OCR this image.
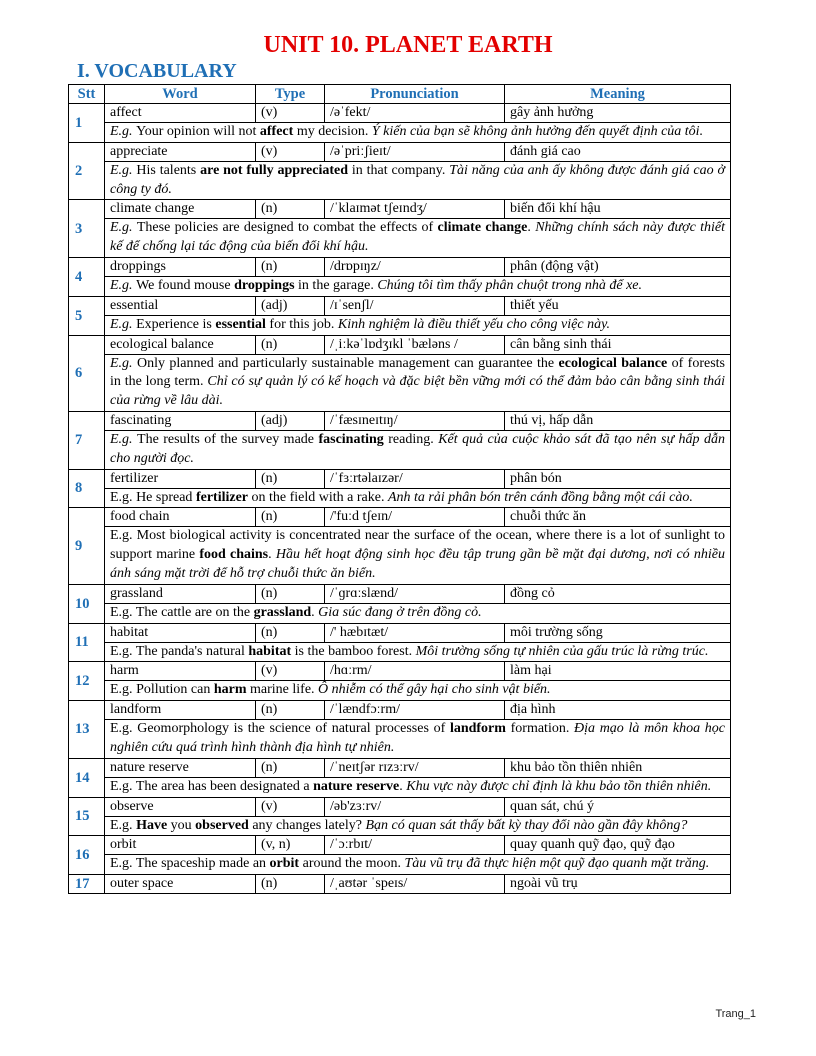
UNIT 10. PLANET EARTH
I. VOCABULARY
Stt	Word	Type	Pronunciation	Meaning
1	affect	(v)	/əˈfekt/	gây ảnh hưởng
	E.g. Your opinion will not affect my decision. Ý kiến của bạn sẽ không ảnh hưởng đến quyết định của tôi.			
2	appreciate	(v)	/əˈpriːʃieɪt/	đánh giá cao
	E.g. His talents are not fully appreciated in that company. Tài năng của anh ấy không được đánh giá cao ở công ty đó.			
3	climate change	(n)	/ˈklaɪmət tʃeɪndʒ/	biến đổi khí hậu
	E.g. These policies are designed to combat the effects of climate change. Những chính sách này được thiết kế để chống lại tác động của biến đổi khí hậu.			
4	droppings	(n)	/drɒpɪŋz/	phân (động vật)
	E.g. We found mouse droppings in the garage. Chúng tôi tìm thấy phân chuột trong nhà để xe.			
5	essential	(adj)	/ɪˈsenʃl/	thiết yếu
	E.g. Experience is essential for this job. Kinh nghiệm là điều thiết yếu cho công việc này.			
6	ecological balance	(n)	/ˌiːkəˈlɒdʒɪkl ˈbæləns /	cân bằng sinh thái
	E.g. Only planned and particularly sustainable management can guarantee the ecological balance of forests in the long term. Chỉ có sự quản lý có kế hoạch và đặc biệt bền vững mới có thể đảm bảo cân bằng sinh thái của rừng về lâu dài.			
7	fascinating	(adj)	/ˈfæsɪneɪtɪŋ/	thú vị, hấp dẫn
	E.g. The results of the survey made fascinating reading. Kết quả của cuộc khảo sát đã tạo nên sự hấp dẫn cho người đọc.			
8	fertilizer	(n)	/ˈfɜːrtəlaɪzər/	phân bón
	E.g. He spread fertilizer on the field with a rake. Anh ta rải phân bón trên cánh đồng bằng một cái cào.			
9	food chain	(n)	/'fuːd tʃeɪn/	chuỗi thức ăn
	E.g. Most biological activity is concentrated near the surface of the ocean, where there is a lot of sunlight to support marine food chains. Hầu hết hoạt động sinh học đều tập trung gần bề mặt đại dương, nơi có nhiều ánh sáng mặt trời để hỗ trợ chuỗi thức ăn biển.			
10	grassland	(n)	/ˈɡrɑːslænd/	đồng cỏ
	E.g. The cattle are on the grassland. Gia súc đang ở trên đồng cỏ.			
11	habitat	(n)	/' hæbɪtæt/	môi trường sống
	E.g. The panda's natural habitat is the bamboo forest. Môi trường sống tự nhiên của gấu trúc là rừng trúc.			
12	harm	(v)	/hɑːrm/	làm hại
	E.g. Pollution can harm marine life. Ô nhiễm có thể gây hại cho sinh vật biển.			
13	landform	(n)	/ˈlændfɔːrm/	địa hình
	E.g. Geomorphology is the science of natural processes of landform formation. Địa mạo là môn khoa học nghiên cứu quá trình hình thành địa hình tự nhiên.			
14	nature reserve	(n)	/ˈneɪtʃər rɪzɜːrv/	khu bảo tồn thiên nhiên
	E.g. The area has been designated a nature reserve. Khu vực này được chỉ định là khu bảo tồn thiên nhiên.			
15	observe	(v)	/əb'zɜːrv/	quan sát, chú ý
	E.g. Have you observed any changes lately? Bạn có quan sát thấy bất kỳ thay đổi nào gần đây không?			
16	orbit	(v, n)	/ˈɔːrbɪt/	quay quanh quỹ đạo, quỹ đạo
	E.g. The spaceship made an orbit around the moon. Tàu vũ trụ đã thực hiện một quỹ đạo quanh mặt trăng.			
17	outer space	(n)	/ˌaʊtər ˈspeɪs/	ngoài vũ trụ
Trang_1
